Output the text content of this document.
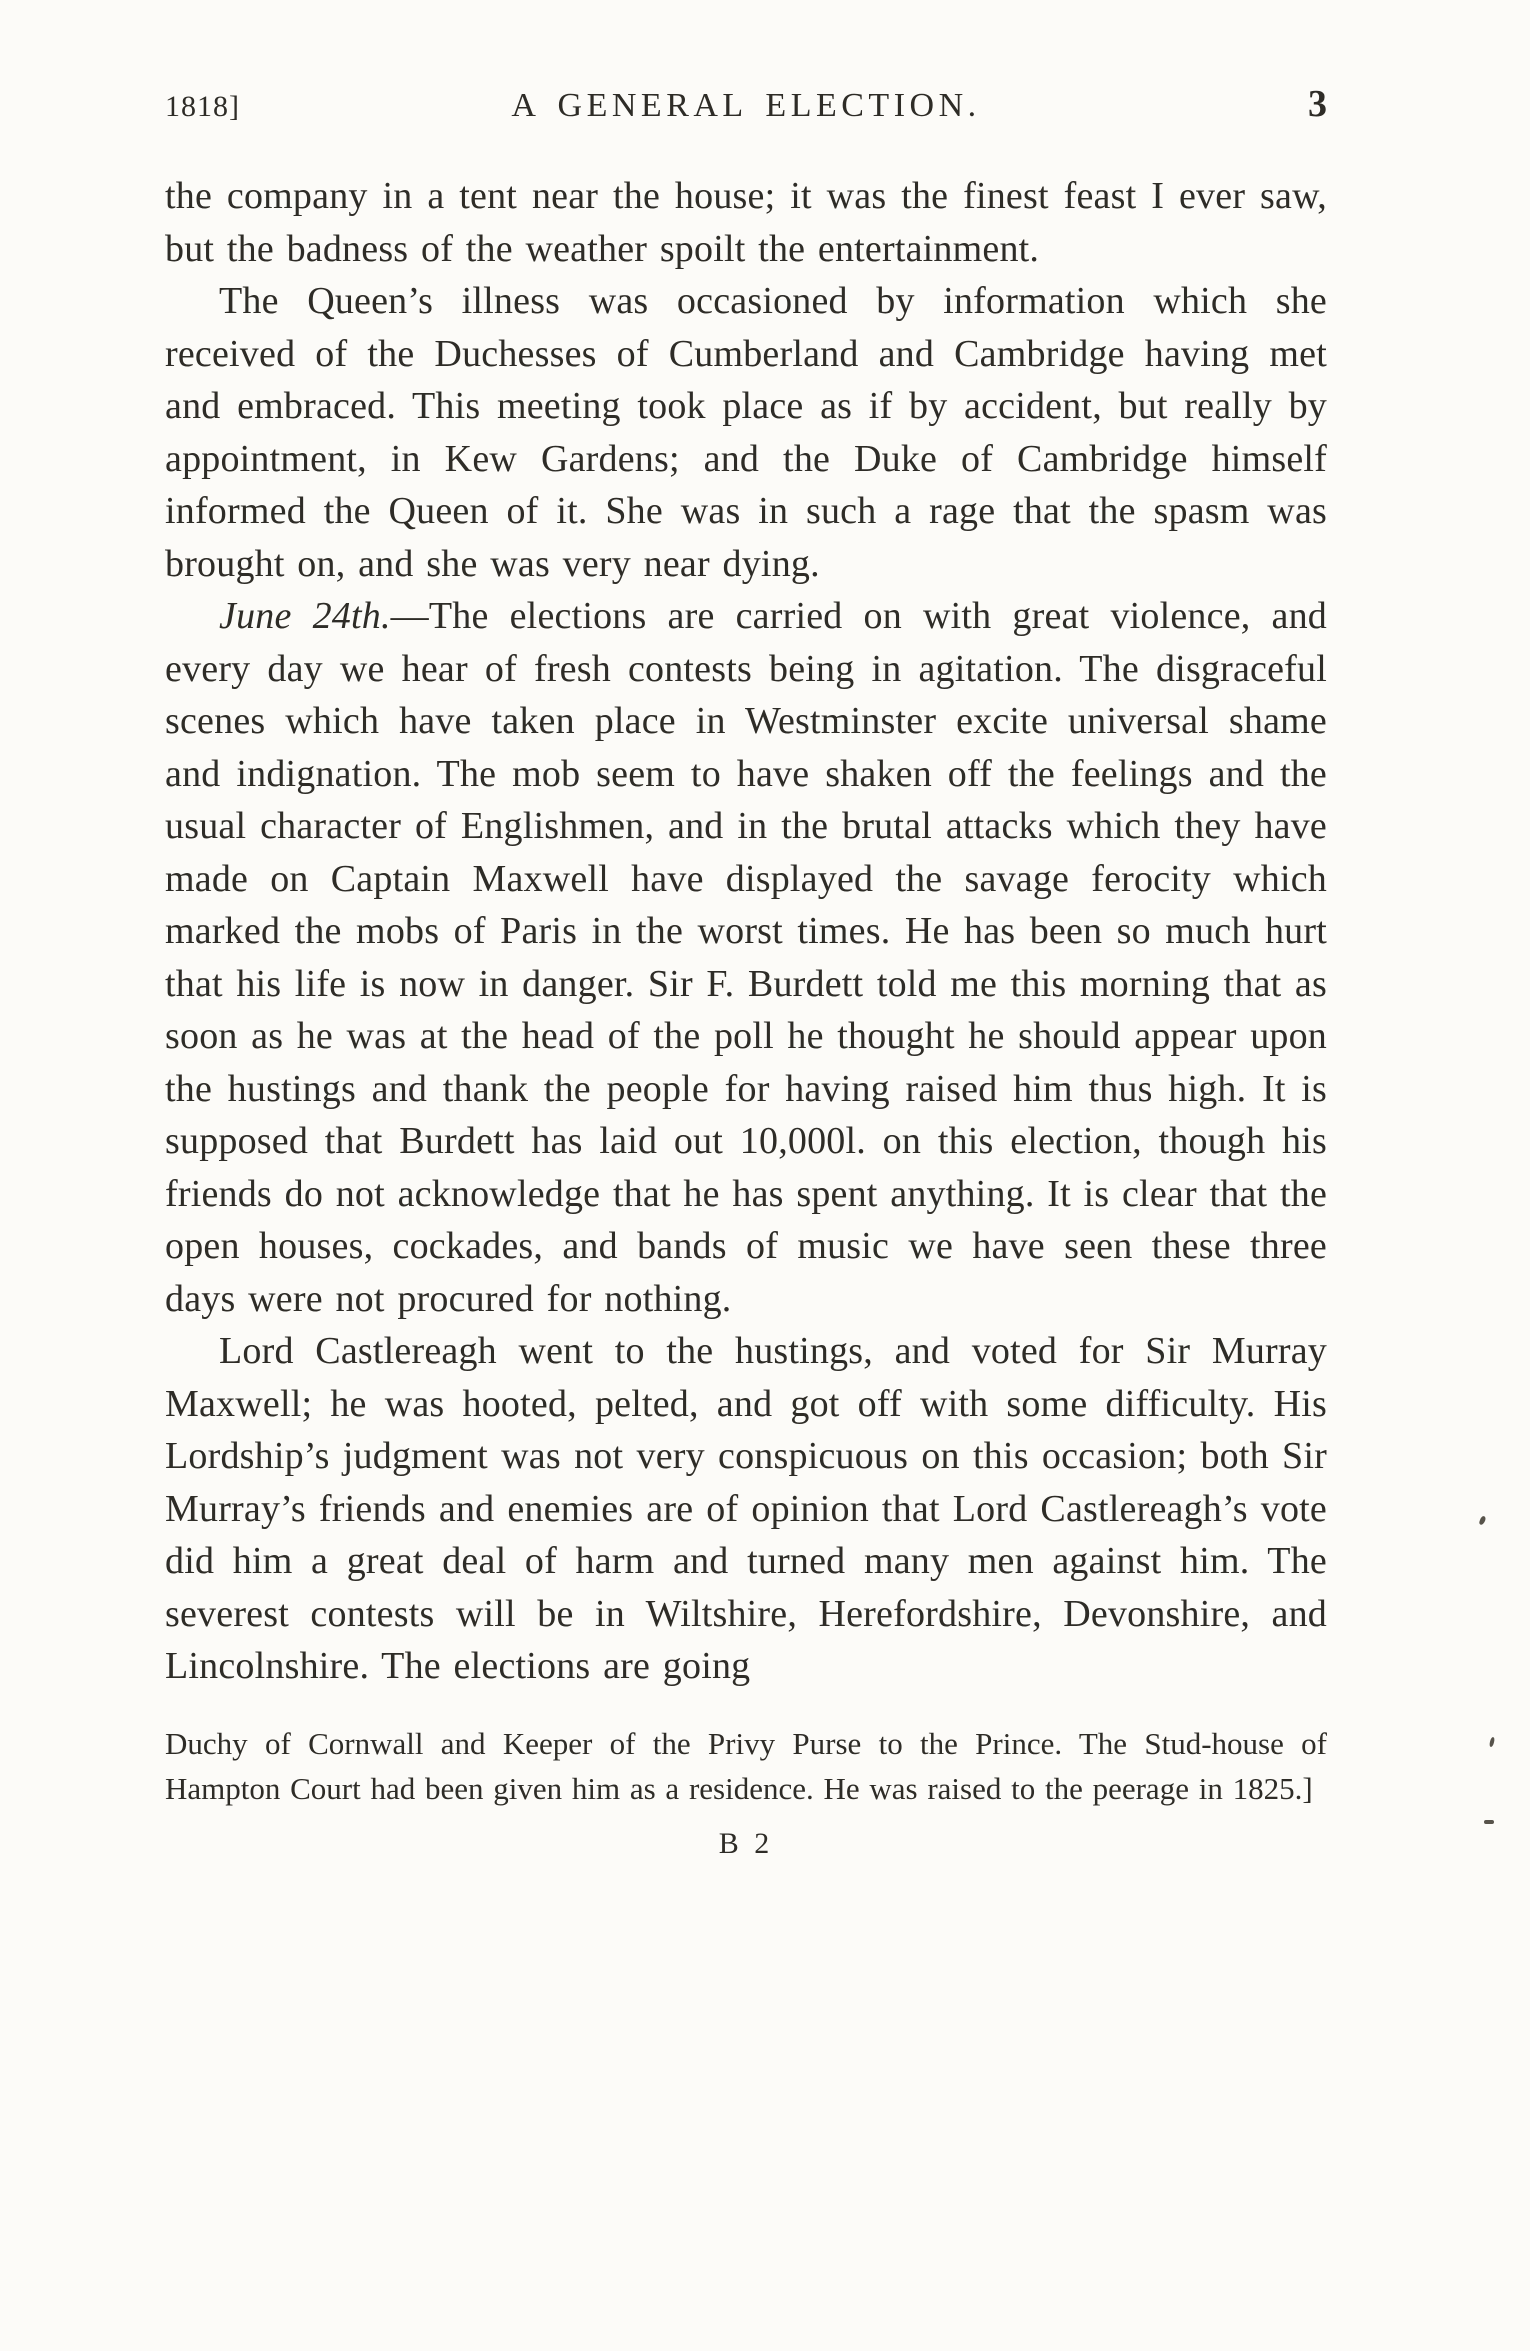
1818]	A GENERAL ELECTION.	3

the company in a tent near the house; it was the finest feast I ever saw, but the badness of the weather spoilt the entertainment.

The Queen’s illness was occasioned by information which she received of the Duchesses of Cumberland and Cambridge having met and embraced. This meeting took place as if by accident, but really by appointment, in Kew Gardens; and the Duke of Cambridge himself informed the Queen of it. She was in such a rage that the spasm was brought on, and she was very near dying.

June 24th.—The elections are carried on with great violence, and every day we hear of fresh contests being in agitation. The disgraceful scenes which have taken place in Westminster excite universal shame and indignation. The mob seem to have shaken off the feelings and the usual character of Englishmen, and in the brutal attacks which they have made on Captain Maxwell have displayed the savage ferocity which marked the mobs of Paris in the worst times. He has been so much hurt that his life is now in danger. Sir F. Burdett told me this morning that as soon as he was at the head of the poll he thought he should appear upon the hustings and thank the people for having raised him thus high. It is supposed that Burdett has laid out 10,000l. on this election, though his friends do not acknowledge that he has spent anything. It is clear that the open houses, cockades, and bands of music we have seen these three days were not procured for nothing.

Lord Castlereagh went to the hustings, and voted for Sir Murray Maxwell; he was hooted, pelted, and got off with some difficulty. His Lordship’s judgment was not very conspicuous on this occasion; both Sir Murray’s friends and enemies are of opinion that Lord Castlereagh’s vote did him a great deal of harm and turned many men against him. The severest contests will be in Wiltshire, Herefordshire, Devonshire, and Lincolnshire. The elections are going

Duchy of Cornwall and Keeper of the Privy Purse to the Prince. The Stud-house of Hampton Court had been given him as a residence. He was raised to the peerage in 1825.]

B 2
